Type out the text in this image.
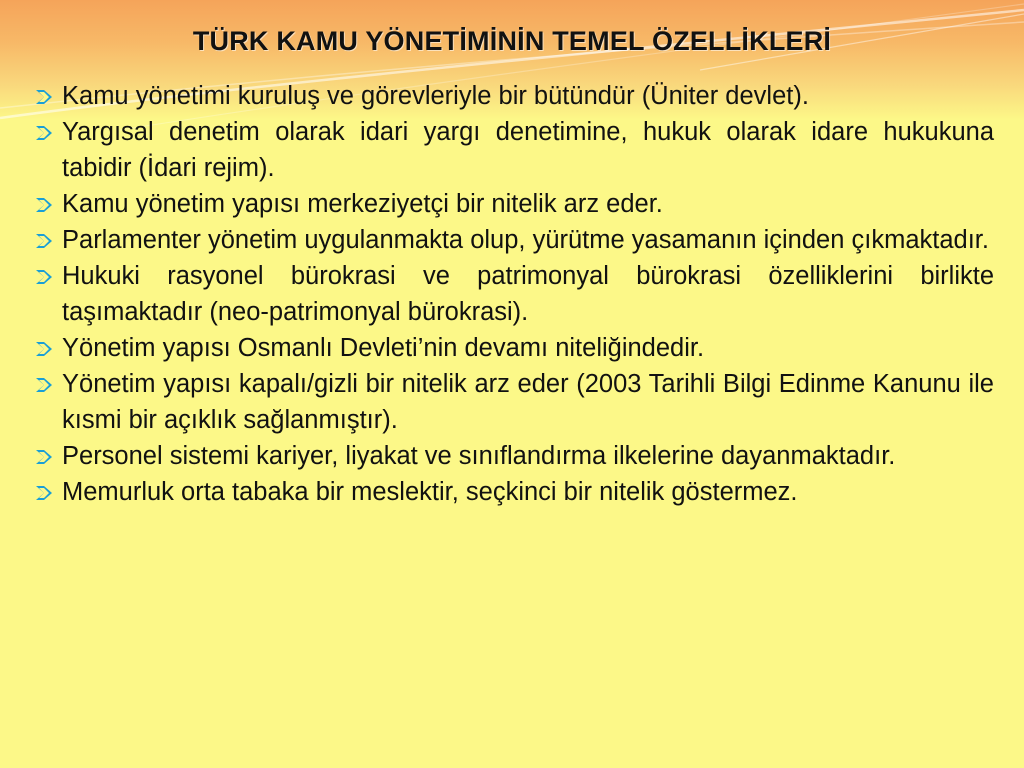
TÜRK KAMU YÖNETİMİNİN TEMEL ÖZELLİKLERİ
Kamu yönetimi kuruluş ve görevleriyle bir bütündür (Üniter devlet).
Yargısal denetim olarak idari yargı denetimine, hukuk olarak idare hukukuna tabidir (İdari rejim).
Kamu yönetim yapısı merkeziyetçi bir nitelik arz eder.
Parlamenter yönetim uygulanmakta olup, yürütme yasamanın içinden çıkmaktadır.
Hukuki rasyonel bürokrasi ve patrimonyal bürokrasi özelliklerini birlikte taşımaktadır (neo-patrimonyal bürokrasi).
Yönetim yapısı Osmanlı Devleti’nin devamı niteliğindedir.
Yönetim yapısı kapalı/gizli bir nitelik arz eder (2003 Tarihli Bilgi Edinme Kanunu ile kısmi bir açıklık sağlanmıştır).
Personel sistemi kariyer, liyakat ve sınıflandırma ilkelerine dayanmaktadır.
Memurluk orta tabaka bir meslektir, seçkinci bir nitelik göstermez.
